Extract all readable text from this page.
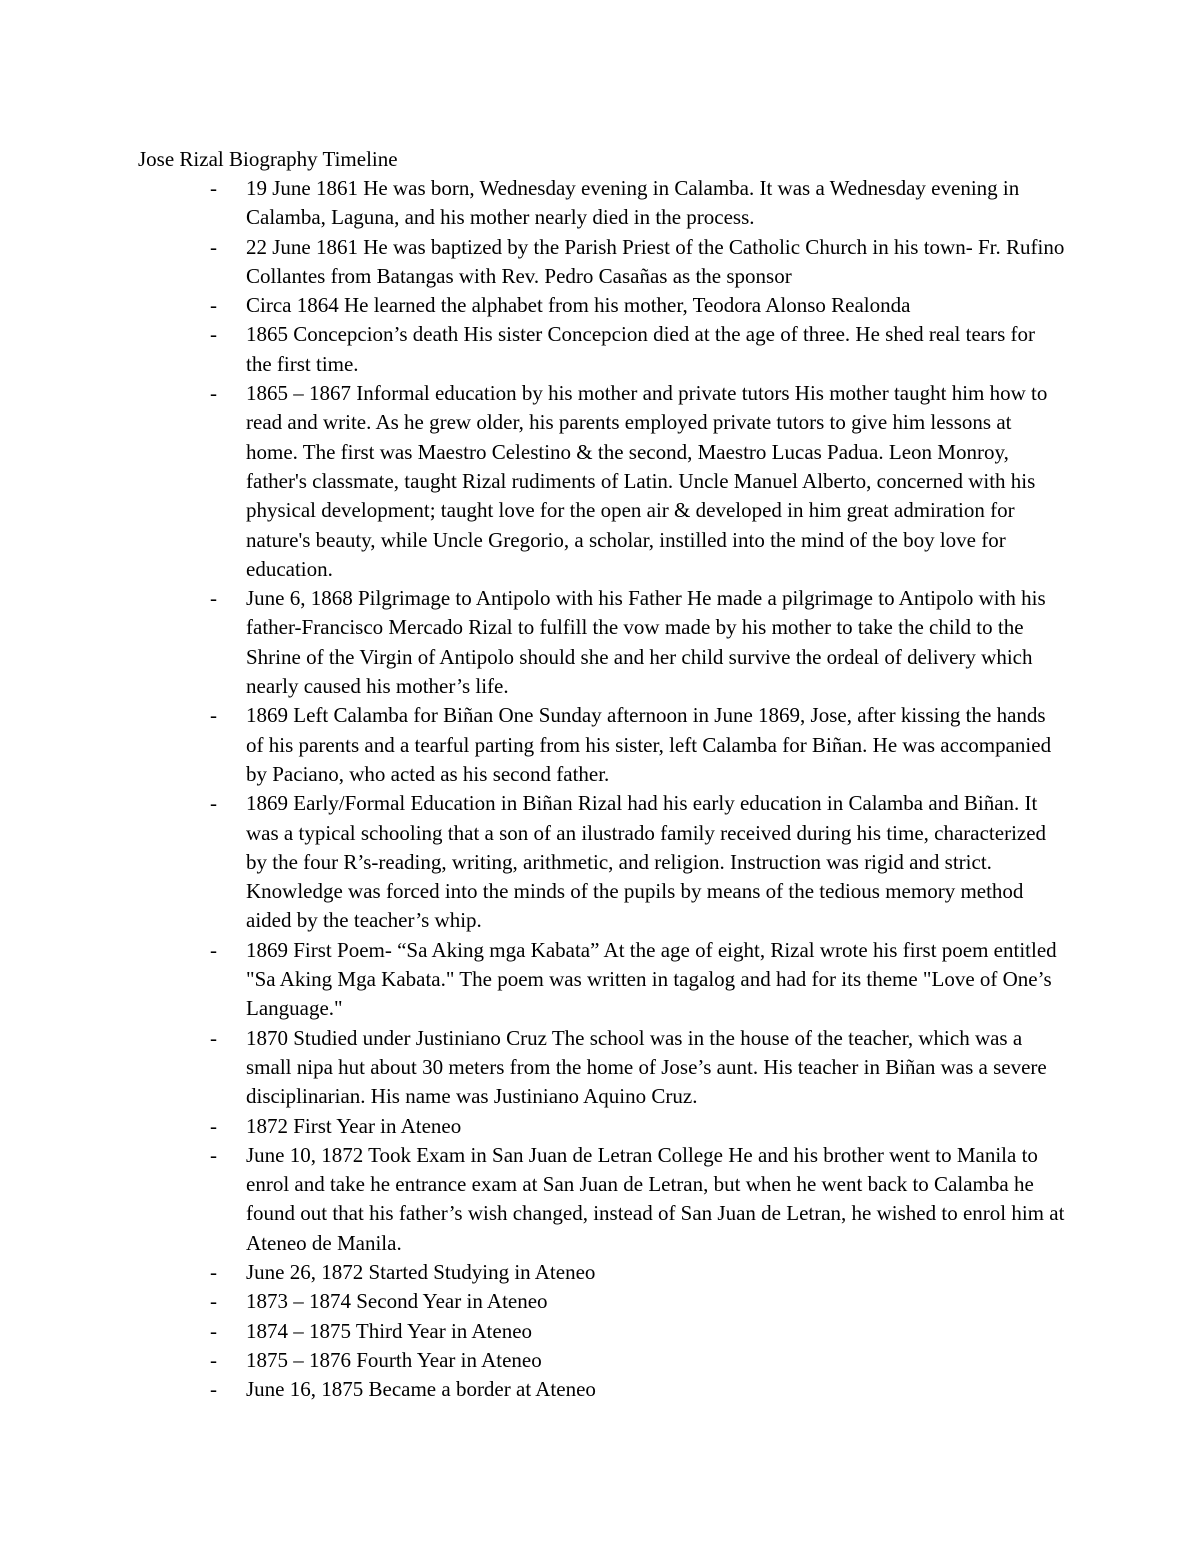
Jose Rizal Biography Timeline
- 19 June 1861 He was born, Wednesday evening in Calamba. It was a Wednesday evening in Calamba, Laguna, and his mother nearly died in the process.
- 22 June 1861 He was baptized by the Parish Priest of the Catholic Church in his town- Fr. Rufino Collantes from Batangas with Rev. Pedro Casañas as the sponsor
- Circa 1864 He learned the alphabet from his mother, Teodora Alonso Realonda
- 1865 Concepcion’s death His sister Concepcion died at the age of three. He shed real tears for the first time.
- 1865 – 1867 Informal education by his mother and private tutors His mother taught him how to read and write. As he grew older, his parents employed private tutors to give him lessons at home. The first was Maestro Celestino & the second, Maestro Lucas Padua. Leon Monroy, father's classmate, taught Rizal rudiments of Latin. Uncle Manuel Alberto, concerned with his physical development; taught love for the open air & developed in him great admiration for nature's beauty, while Uncle Gregorio, a scholar, instilled into the mind of the boy love for education.
- June 6, 1868 Pilgrimage to Antipolo with his Father He made a pilgrimage to Antipolo with his father-Francisco Mercado Rizal to fulfill the vow made by his mother to take the child to the Shrine of the Virgin of Antipolo should she and her child survive the ordeal of delivery which nearly caused his mother’s life.
- 1869 Left Calamba for Biñan One Sunday afternoon in June 1869, Jose, after kissing the hands of his parents and a tearful parting from his sister, left Calamba for Biñan. He was accompanied by Paciano, who acted as his second father.
- 1869 Early/Formal Education in Biñan Rizal had his early education in Calamba and Biñan. It was a typical schooling that a son of an ilustrado family received during his time, characterized by the four R’s-reading, writing, arithmetic, and religion. Instruction was rigid and strict. Knowledge was forced into the minds of the pupils by means of the tedious memory method aided by the teacher’s whip.
- 1869 First Poem- “Sa Aking mga Kabata” At the age of eight, Rizal wrote his first poem entitled "Sa Aking Mga Kabata." The poem was written in tagalog and had for its theme "Love of One’s Language."
- 1870 Studied under Justiniano Cruz The school was in the house of the teacher, which was a small nipa hut about 30 meters from the home of Jose’s aunt. His teacher in Biñan was a severe disciplinarian. His name was Justiniano Aquino Cruz.
- 1872 First Year in Ateneo
- June 10, 1872 Took Exam in San Juan de Letran College He and his brother went to Manila to enrol and take he entrance exam at San Juan de Letran, but when he went back to Calamba he found out that his father’s wish changed, instead of San Juan de Letran, he wished to enrol him at Ateneo de Manila.
- June 26, 1872 Started Studying in Ateneo
- 1873 – 1874 Second Year in Ateneo
- 1874 – 1875 Third Year in Ateneo
- 1875 – 1876 Fourth Year in Ateneo
- June 16, 1875 Became a border at Ateneo
